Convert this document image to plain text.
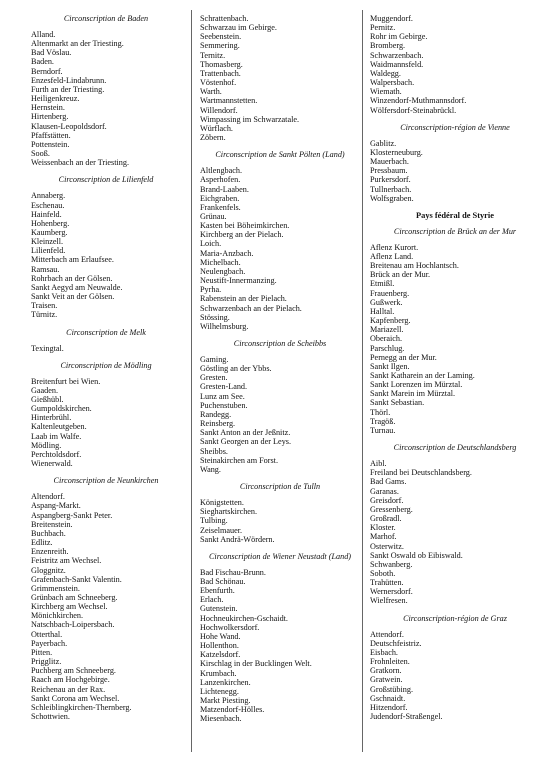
Circonscription de Baden
Alland.
Altenmarkt an der Triesting.
Bad Vöslau.
Baden.
Berndorf.
Enzesfeld-Lindabrunn.
Furth an der Triesting.
Heiligenkreuz.
Hernstein.
Hirtenberg.
Klausen-Leopoldsdorf.
Pfaffstätten.
Pottenstein.
Sooß.
Weissenbach an der Triesting.
Circonscription de Lilienfeld
Annaberg.
Eschenau.
Hainfeld.
Hohenberg.
Kaumberg.
Kleinzell.
Lilienfeld.
Mitterbach am Erlaufsee.
Ramsau.
Rohrbach an der Gölsen.
Sankt Aegyd am Neuwalde.
Sankt Veit an der Gölsen.
Traisen.
Türnitz.
Circonscription de Melk
Texingtal.
Circonscription de Mödling
Breitenfurt bei Wien.
Gaaden.
Gießhübl.
Gumpoldskirchen.
Hinterbrühl.
Kaltenleutgeben.
Laab im Walfe.
Mödling.
Perchtoldsdorf.
Wienerwald.
Circonscription de Neunkirchen
Altendorf.
Aspang-Markt.
Aspangberg-Sankt Peter.
Breitenstein.
Buchbach.
Edlitz.
Enzenreith.
Feistritz am Wechsel.
Gloggnitz.
Grafenbach-Sankt Valentin.
Grimmenstein.
Grünbach am Schneeberg.
Kirchberg am Wechsel.
Mönichkirchen.
Natschbach-Loipersbach.
Otterthal.
Payerbach.
Pitten.
Prigglitz.
Puchberg am Schneeberg.
Raach am Hochgebirge.
Reichenau an der Rax.
Sankt Corona am Wechsel.
Schleiblingkirchen-Thernberg.
Schottwien.
Schrattenbach.
Schwarzau im Gebirge.
Seebenstein.
Semmering.
Ternitz.
Thomasberg.
Trattenbach.
Vöstenhof.
Warth.
Wartmannstetten.
Willendorf.
Wimpassing im Schwarzatale.
Würflach.
Zöbern.
Circonscription de Sankt Pölten (Land)
Altlengbach.
Asperhofen.
Brand-Laaben.
Eichgraben.
Frankenfels.
Grünau.
Kasten bei Böheimkirchen.
Kirchberg an der Pielach.
Loich.
Maria-Anzbach.
Michelbach.
Neulengbach.
Neustift-Innermanzing.
Pyrha.
Rabenstein an der Pielach.
Schwarzenbach an der Pielach.
Stössing.
Wilhelmsburg.
Circonscription de Scheibbs
Gaming.
Göstling an der Ybbs.
Gresten.
Gresten-Land.
Lunz am See.
Puchenstuben.
Randegg.
Reinsberg.
Sankt Anton an der Jeßnitz.
Sankt Georgen an der Leys.
Sheibbs.
Steinakirchen am Forst.
Wang.
Circonscription de Tulln
Königstetten.
Sieghartskirchen.
Tulbing.
Zeiselmauer.
Sankt Andrä-Wördern.
Circonscription de Wiener Neustadt (Land)
Bad Fischau-Brunn.
Bad Schönau.
Ebenfurth.
Erlach.
Gutenstein.
Hochneukirchen-Gschaidt.
Hochwolkersdorf.
Hohe Wand.
Hollenthon.
Katzelsdorf.
Kirschlag in der Bucklingen Welt.
Krumbach.
Lanzenkirchen.
Lichtenegg.
Markt Piesting.
Matzendorf-Hölles.
Miesenbach.
Muggendorf.
Pernitz.
Rohr im Gebirge.
Bromberg.
Schwarzenbach.
Waidmannsfeld.
Waldegg.
Walpersbach.
Wiemath.
Winzendorf-Muthmannsdorf.
Wölfersdorf-Steinabrückl.
Circonscription-région de Vienne
Gablitz.
Klosterneuburg.
Mauerbach.
Pressbaum.
Purkersdorf.
Tullnerbach.
Wolfsgraben.
Pays fédéral de Styrie
Circonscription de Brück an der Mur
Aflenz Kurort.
Aflenz Land.
Breitenau am Hochlantsch.
Brück an der Mur.
Etmißl.
Frauenberg.
Gußwerk.
Halltal.
Kapfenberg.
Mariazell.
Oberaich.
Parschlug.
Pernegg an der Mur.
Sankt Ilgen.
Sankt Katharein an der Laming.
Sankt Lorenzen im Mürztal.
Sankt Marein im Mürztal.
Sankt Sebastian.
Thörl.
Tragöß.
Turnau.
Circonscription de Deutschlandsberg
Aibl.
Freiland bei Deutschlandsberg.
Bad Gams.
Garanas.
Greisdorf.
Gressenberg.
Großradl.
Kloster.
Marhof.
Osterwitz.
Sankt Oswald ob Eibiswald.
Schwanberg.
Soboth.
Trahütten.
Wernersdorf.
Wielfresen.
Circonscription-région de Graz
Attendorf.
Deutschfeistriz.
Eisbach.
Frohnleiten.
Gratkorn.
Gratwein.
Großstübing.
Gschnaidt.
Hitzendorf.
Judendorf-Straßengel.
